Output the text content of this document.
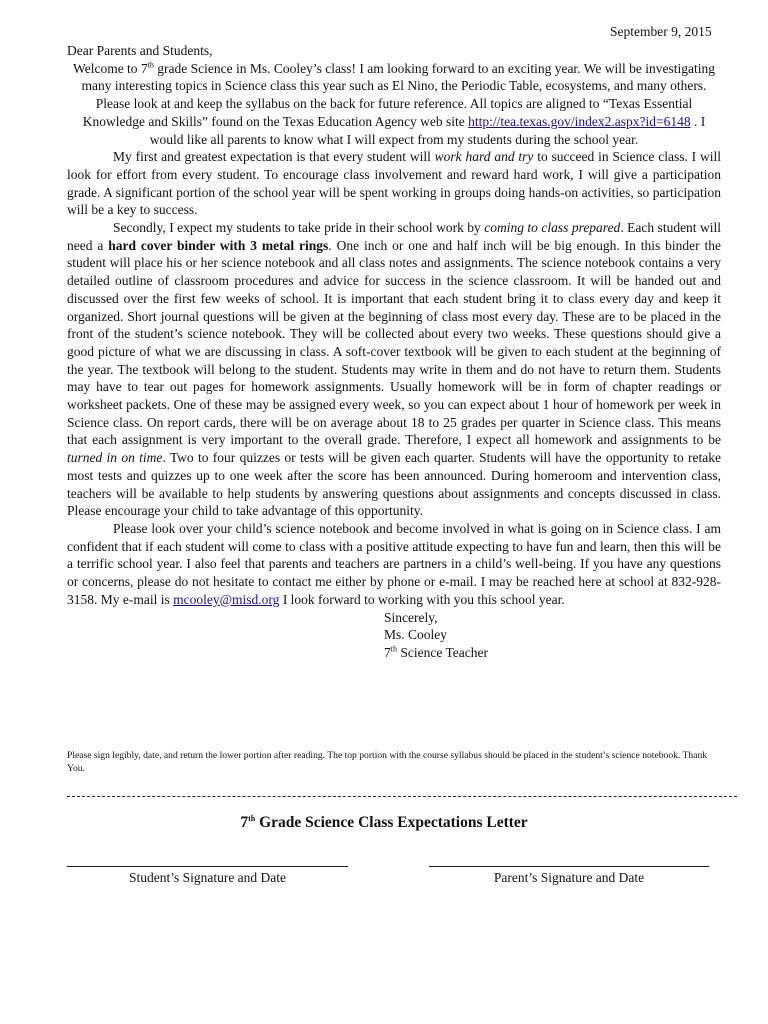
September 9, 2015

Dear Parents and Students,

Welcome to 7th grade Science in Ms. Cooley’s class! I am looking forward to an exciting year. We will be investigating many interesting topics in Science class this year such as El Nino, the Periodic Table, ecosystems, and many others. Please look at and keep the syllabus on the back for future reference. All topics are aligned to “Texas Essential Knowledge and Skills” found on the Texas Education Agency web site http://tea.texas.gov/index2.aspx?id=6148 . I would like all parents to know what I will expect from my students during the school year.

My first and greatest expectation is that every student will work hard and try to succeed in Science class. I will look for effort from every student. To encourage class involvement and reward hard work, I will give a participation grade. A significant portion of the school year will be spent working in groups doing hands-on activities, so participation will be a key to success.

Secondly, I expect my students to take pride in their school work by coming to class prepared. Each student will need a hard cover binder with 3 metal rings. One inch or one and half inch will be big enough. In this binder the student will place his or her science notebook and all class notes and assignments. The science notebook contains a very detailed outline of classroom procedures and advice for success in the science classroom. It will be handed out and discussed over the first few weeks of school. It is important that each student bring it to class every day and keep it organized. Short journal questions will be given at the beginning of class most every day. These are to be placed in the front of the student’s science notebook. They will be collected about every two weeks. These questions should give a good picture of what we are discussing in class. A soft-cover textbook will be given to each student at the beginning of the year. The textbook will belong to the student. Students may write in them and do not have to return them. Students may have to tear out pages for homework assignments. Usually homework will be in form of chapter readings or worksheet packets. One of these may be assigned every week, so you can expect about 1 hour of homework per week in Science class. On report cards, there will be on average about 18 to 25 grades per quarter in Science class. This means that each assignment is very important to the overall grade. Therefore, I expect all homework and assignments to be turned in on time. Two to four quizzes or tests will be given each quarter. Students will have the opportunity to retake most tests and quizzes up to one week after the score has been announced. During homeroom and intervention class, teachers will be available to help students by answering questions about assignments and concepts discussed in class. Please encourage your child to take advantage of this opportunity.

Please look over your child’s science notebook and become involved in what is going on in Science class. I am confident that if each student will come to class with a positive attitude expecting to have fun and learn, then this will be a terrific school year. I also feel that parents and teachers are partners in a child’s well-being. If you have any questions or concerns, please do not hesitate to contact me either by phone or e-mail. I may be reached here at school at 832-928-3158. My e-mail is mcooley@misd.org I look forward to working with you this school year.

Sincerely,

Ms. Cooley

7th Science Teacher

Please sign legibly, date, and return the lower portion after reading. The top portion with the course syllabus should be placed in the student’s science notebook. Thank You.
7th Grade Science Class Expectations Letter
Student’s Signature and Date	Parent’s Signature and Date
